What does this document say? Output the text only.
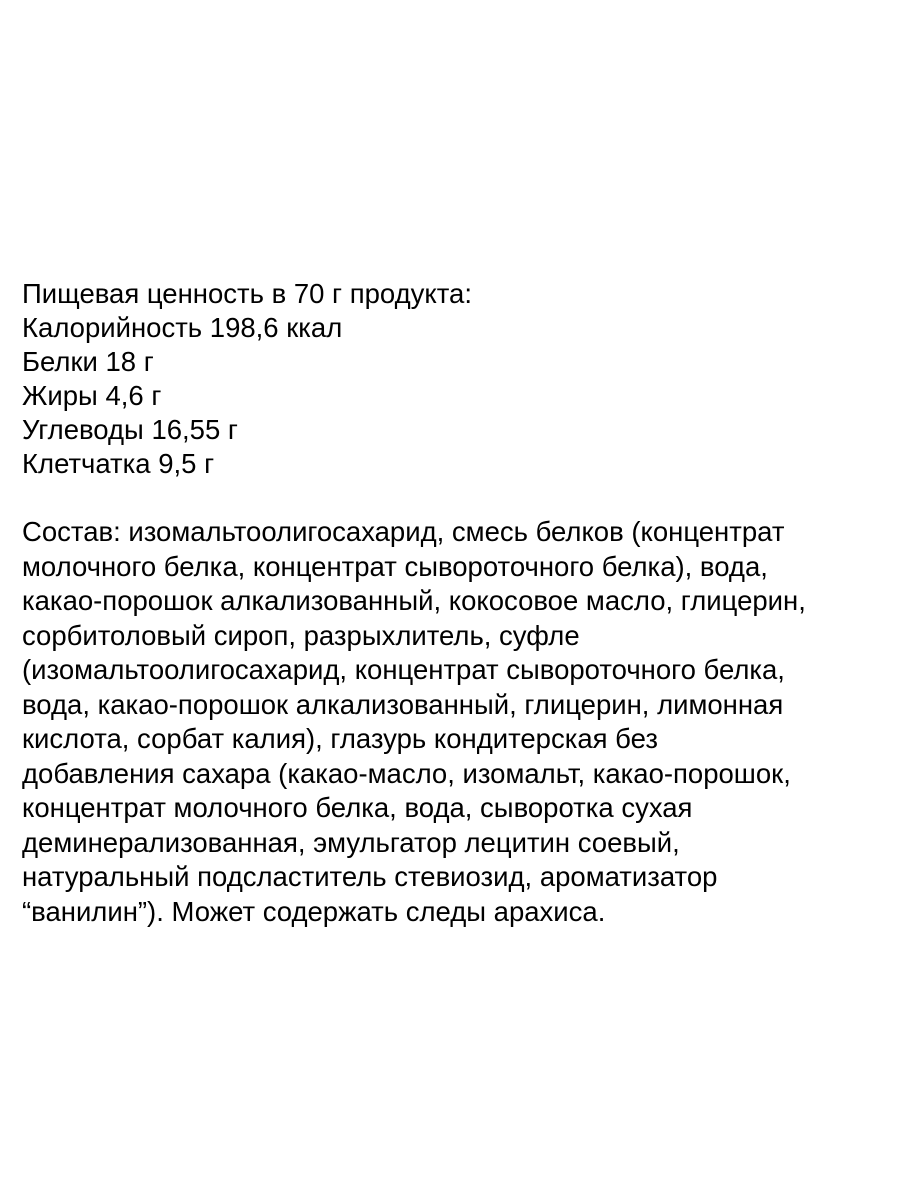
Пищевая ценность в 70 г продукта:
Калорийность 198,6 ккал
Белки 18 г
Жиры 4,6 г
Углеводы 16,55 г
Клетчатка 9,5 г
Состав: изомальтоолигосахарид, смесь белков (концентрат
молочного белка, концентрат сывороточного белка), вода,
какао-порошок алкализованный, кокосовое масло, глицерин,
сорбитоловый сироп, разрыхлитель, суфле
(изомальтоолигосахарид, концентрат сывороточного белка,
вода, какао-порошок алкализованный, глицерин, лимонная
кислота, сорбат калия), глазурь кондитерская без
добавления сахара (какао-масло, изомальт, какао-порошок,
концентрат молочного белка, вода, сыворотка сухая
деминерализованная, эмульгатор лецитин соевый,
натуральный подсластитель стевиозид, ароматизатор
“ванилин”). Может содержать следы арахиса.
